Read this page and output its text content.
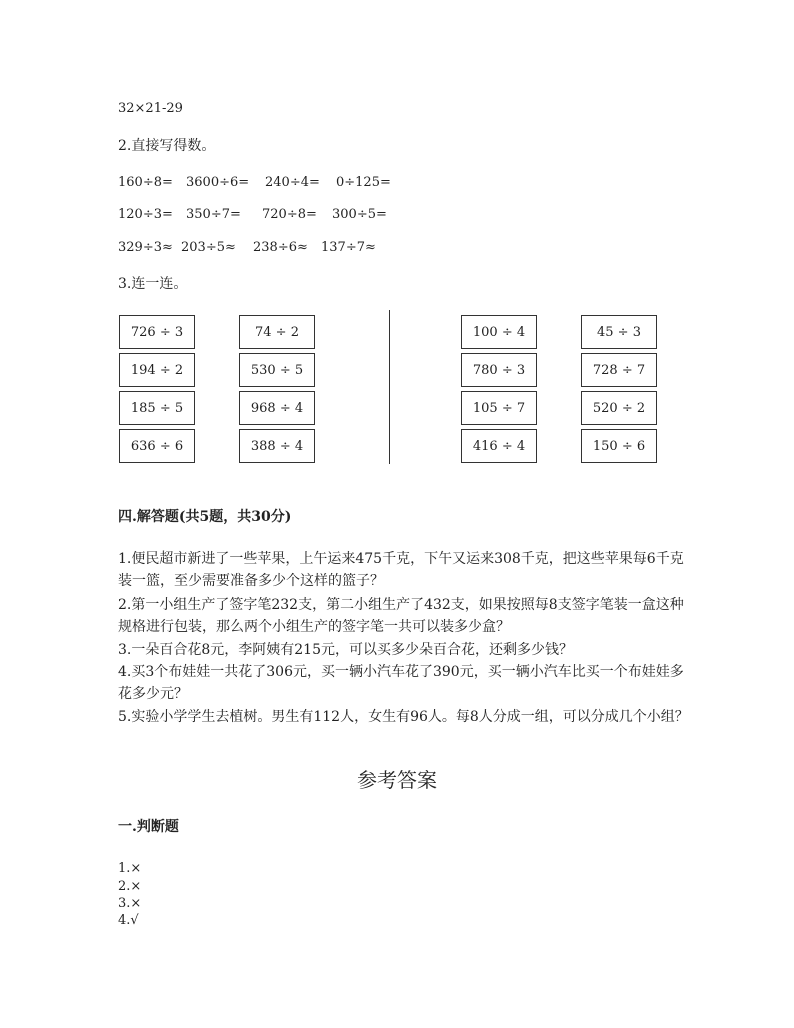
32×21-29
2.直接写得数。
160÷8= 3600÷6= 240÷4= 0÷125=
120÷3= 350÷7= 720÷8= 300÷5=
329÷3≈ 203÷5≈ 238÷6≈ 137÷7≈
3.连一连。
726 ÷ 3
194 ÷ 2
185 ÷ 5
636 ÷ 6
74 ÷ 2
530 ÷ 5
968 ÷ 4
388 ÷ 4
100 ÷ 4
780 ÷ 3
105 ÷ 7
416 ÷ 4
45 ÷ 3
728 ÷ 7
520 ÷ 2
150 ÷ 6
四.解答题(共5题，共30分)
1.便民超市新进了一些苹果，上午运来475千克，下午又运来308千克，把这些苹果每6千克装一篮，至少需要准备多少个这样的篮子？
2.第一小组生产了签字笔232支，第二小组生产了432支，如果按照每8支签字笔装一盒这种规格进行包装，那么两个小组生产的签字笔一共可以装多少盒？
3.一朵百合花8元，李阿姨有215元，可以买多少朵百合花，还剩多少钱？
4.买3个布娃娃一共花了306元，买一辆小汽车花了390元，买一辆小汽车比买一个布娃娃多花多少元？
5.实验小学学生去植树。男生有112人，女生有96人。每8人分成一组，可以分成几个小组？
参考答案
一.判断题
1.×
2.×
3.×
4.√
